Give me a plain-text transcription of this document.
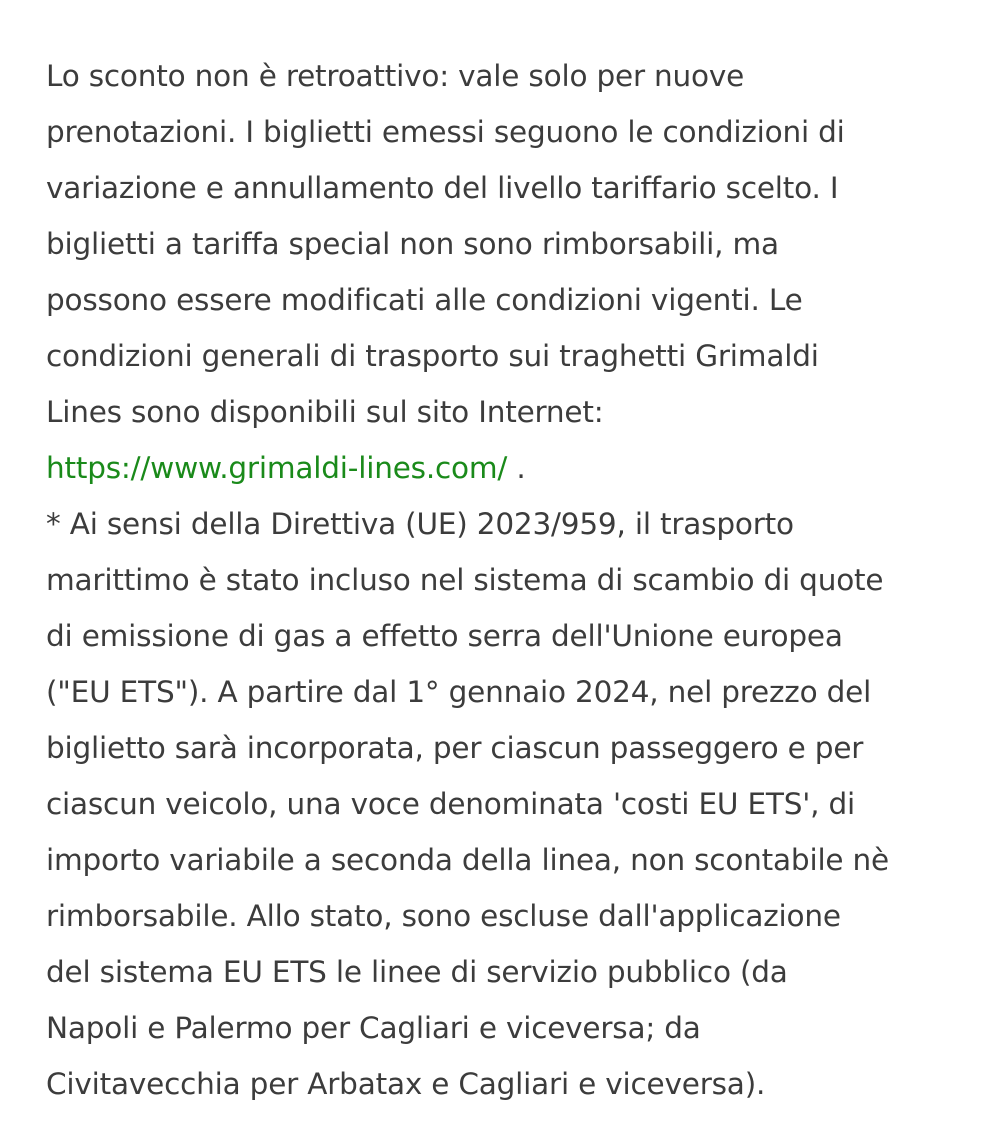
Lo sconto non è retroattivo: vale solo per nuove
prenotazioni. I biglietti emessi seguono le condizioni di
variazione e annullamento del livello tariffario scelto. I
biglietti a tariffa special non sono rimborsabili, ma
possono essere modificati alle condizioni vigenti. Le
condizioni generali di trasporto sui traghetti Grimaldi
Lines sono disponibili sul sito Internet:
https://www.grimaldi-lines.com/ .
* Ai sensi della Direttiva (UE) 2023/959, il trasporto
marittimo è stato incluso nel sistema di scambio di quote
di emissione di gas a effetto serra dell'Unione europea
("EU ETS"). A partire dal 1° gennaio 2024, nel prezzo del
biglietto sarà incorporata, per ciascun passeggero e per
ciascun veicolo, una voce denominata 'costi EU ETS', di
importo variabile a seconda della linea, non scontabile nè
rimborsabile. Allo stato, sono escluse dall'applicazione
del sistema EU ETS le linee di servizio pubblico (da
Napoli e Palermo per Cagliari e viceversa; da
Civitavecchia per Arbatax e Cagliari e viceversa).
